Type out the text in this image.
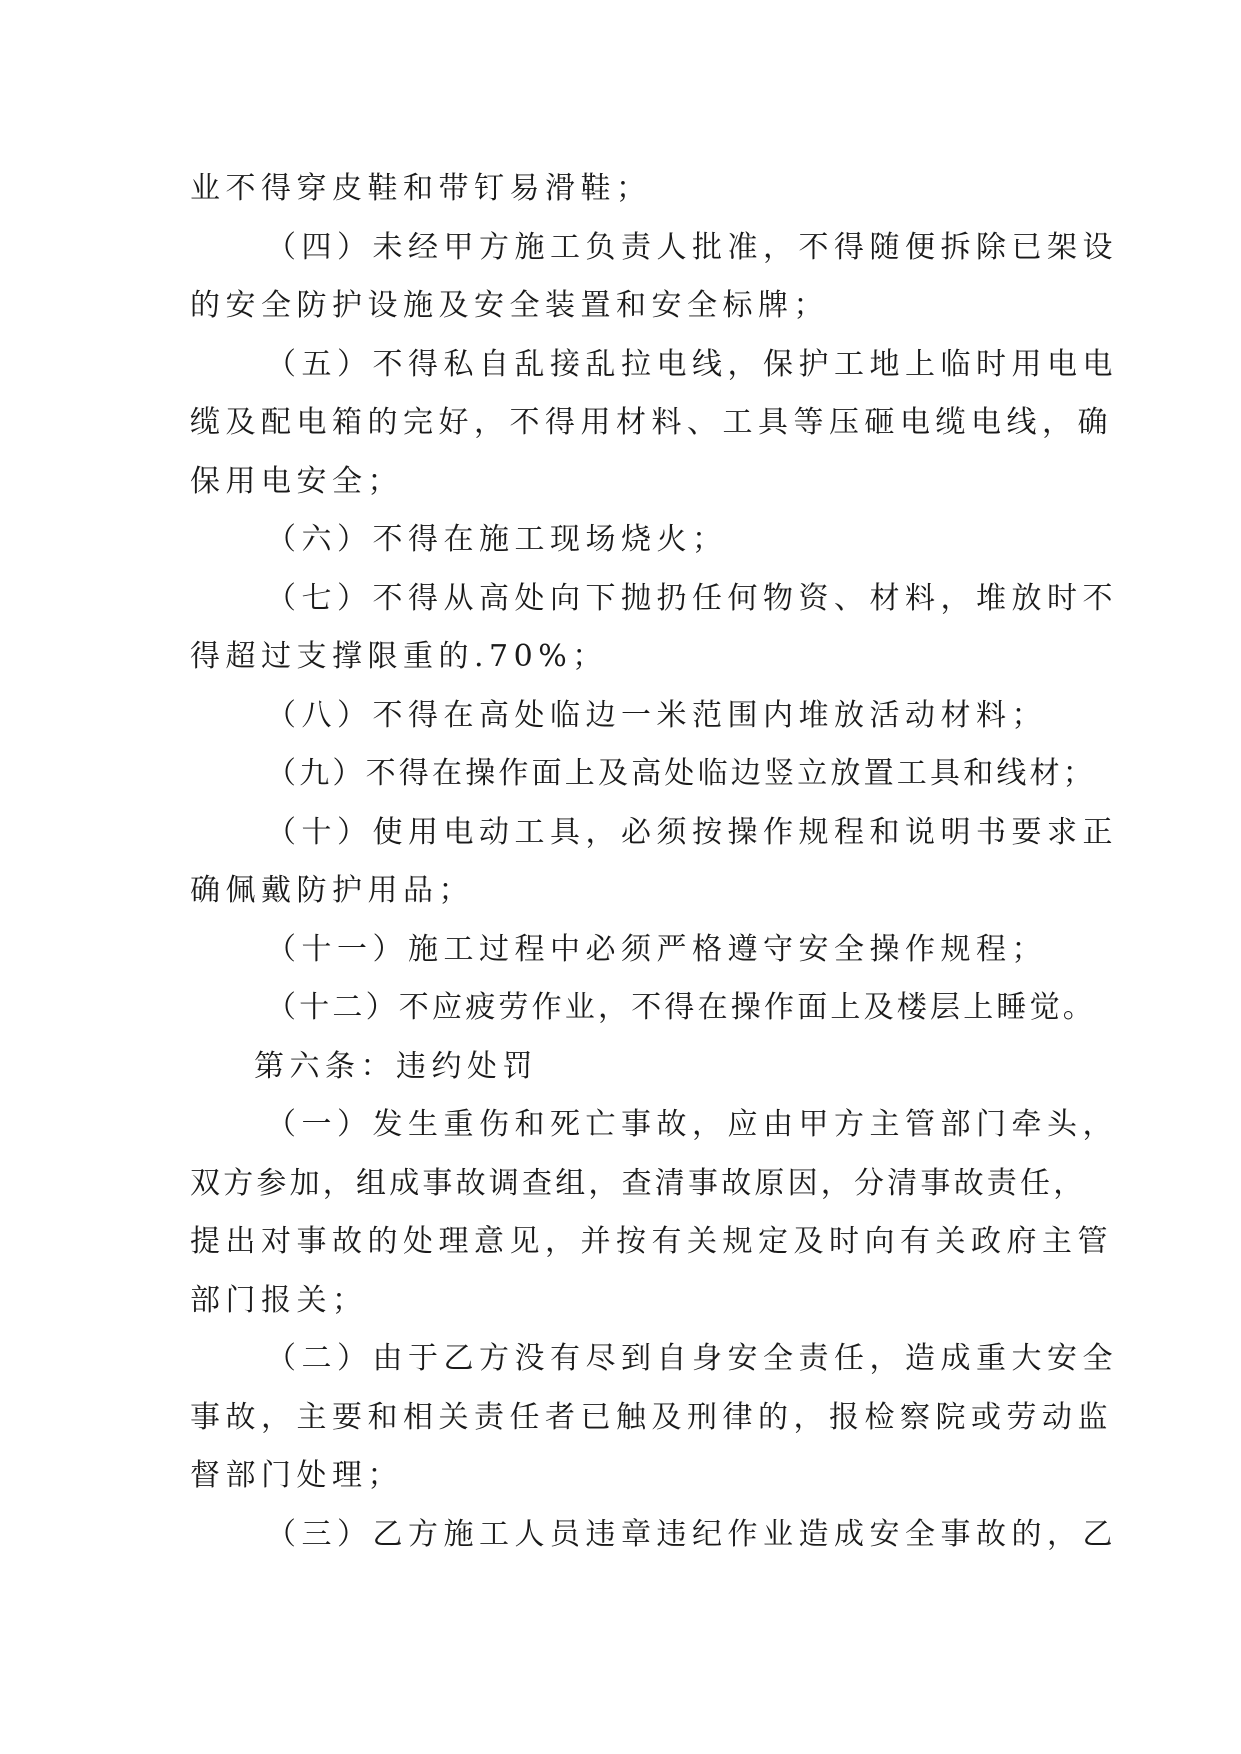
业不得穿皮鞋和带钉易滑鞋；
（四）未经甲方施工负责人批准，不得随便拆除已架设
的安全防护设施及安全装置和安全标牌；
（五）不得私自乱接乱拉电线，保护工地上临时用电电
缆及配电箱的完好，不得用材料、工具等压砸电缆电线，确
保用电安全；
（六）不得在施工现场烧火；
（七）不得从高处向下抛扔任何物资、材料，堆放时不
得超过支撑限重的.70%；
（八）不得在高处临边一米范围内堆放活动材料；
（九）不得在操作面上及高处临边竖立放置工具和线材；
（十）使用电动工具，必须按操作规程和说明书要求正
确佩戴防护用品；
（十一）施工过程中必须严格遵守安全操作规程；
（十二）不应疲劳作业，不得在操作面上及楼层上睡觉。
第六条：违约处罚
（一）发生重伤和死亡事故，应由甲方主管部门牵头，
双方参加，组成事故调查组，查清事故原因，分清事故责任，
提出对事故的处理意见，并按有关规定及时向有关政府主管
部门报关；
（二）由于乙方没有尽到自身安全责任，造成重大安全
事故，主要和相关责任者已触及刑律的，报检察院或劳动监
督部门处理；
（三）乙方施工人员违章违纪作业造成安全事故的，乙
